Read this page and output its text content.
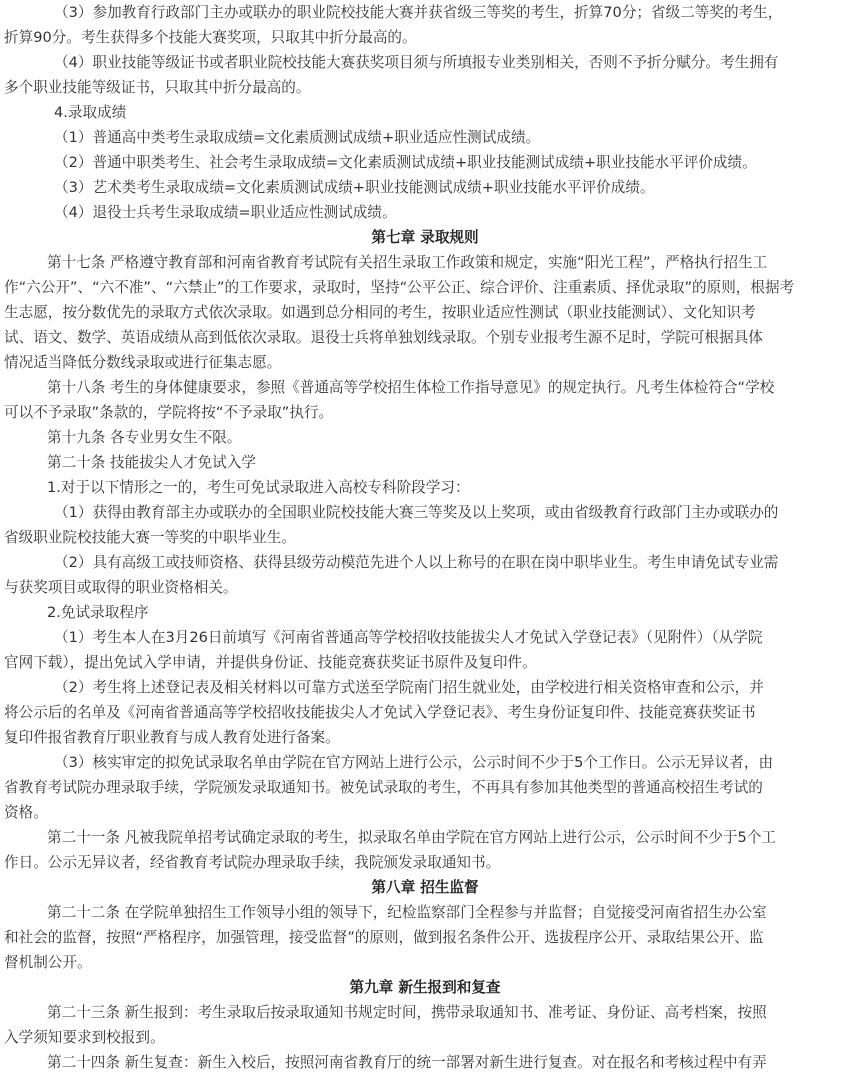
（3）参加教育行政部门主办或联办的职业院校技能大赛并获省级三等奖的考生，折算70分；省级二等奖的考生，
折算90分。考生获得多个技能大赛奖项，只取其中折分最高的。
（4）职业技能等级证书或者职业院校技能大赛获奖项目须与所填报专业类别相关，否则不予折分赋分。考生拥有
多个职业技能等级证书，只取其中折分最高的。
4.录取成绩
（1）普通高中类考生录取成绩=文化素质测试成绩+职业适应性测试成绩。
（2）普通中职类考生、社会考生录取成绩=文化素质测试成绩+职业技能测试成绩+职业技能水平评价成绩。
（3）艺术类考生录取成绩=文化素质测试成绩+职业技能测试成绩+职业技能水平评价成绩。
（4）退役士兵考生录取成绩=职业适应性测试成绩。
第七章 录取规则
第十七条 严格遵守教育部和河南省教育考试院有关招生录取工作政策和规定，实施“阳光工程”，严格执行招生工
作“六公开”、“六不准”、“六禁止”的工作要求，录取时，坚持“公平公正、综合评价、注重素质、择优录取”的原则，根据考
生志愿，按分数优先的录取方式依次录取。如遇到总分相同的考生，按职业适应性测试（职业技能测试）、文化知识考
试、语文、数学、英语成绩从高到低依次录取。退役士兵将单独划线录取。个别专业报考生源不足时，学院可根据具体
情况适当降低分数线录取或进行征集志愿。
第十八条 考生的身体健康要求，参照《普通高等学校招生体检工作指导意见》的规定执行。凡考生体检符合“学校
可以不予录取”条款的，学院将按“不予录取”执行。
第十九条 各专业男女生不限。
第二十条 技能拔尖人才免试入学
1.对于以下情形之一的，考生可免试录取进入高校专科阶段学习：
（1）获得由教育部主办或联办的全国职业院校技能大赛三等奖及以上奖项，或由省级教育行政部门主办或联办的
省级职业院校技能大赛一等奖的中职毕业生。
（2）具有高级工或技师资格、获得县级劳动模范先进个人以上称号的在职在岗中职毕业生。考生申请免试专业需
与获奖项目或取得的职业资格相关。
2.免试录取程序
（1）考生本人在3月26日前填写《河南省普通高等学校招收技能拔尖人才免试入学登记表》（见附件）（从学院
官网下载），提出免试入学申请，并提供身份证、技能竞赛获奖证书原件及复印件。
（2）考生将上述登记表及相关材料以可靠方式送至学院南门招生就业处，由学校进行相关资格审查和公示，并
将公示后的名单及《河南省普通高等学校招收技能拔尖人才免试入学登记表》、考生身份证复印件、技能竞赛获奖证书
复印件报省教育厅职业教育与成人教育处进行备案。
（3）核实审定的拟免试录取名单由学院在官方网站上进行公示，公示时间不少于5个工作日。公示无异议者，由
省教育考试院办理录取手续，学院颁发录取通知书。被免试录取的考生，不再具有参加其他类型的普通高校招生考试的
资格。
第二十一条 凡被我院单招考试确定录取的考生，拟录取名单由学院在官方网站上进行公示，公示时间不少于5个工
作日。公示无异议者，经省教育考试院办理录取手续，我院颁发录取通知书。
第八章 招生监督
第二十二条 在学院单独招生工作领导小组的领导下，纪检监察部门全程参与并监督；自觉接受河南省招生办公室
和社会的监督，按照“严格程序，加强管理，接受监督”的原则，做到报名条件公开、选拔程序公开、录取结果公开、监
督机制公开。
第九章 新生报到和复查
第二十三条 新生报到：考生录取后按录取通知书规定时间，携带录取通知书、准考证、身份证、高考档案，按照
入学须知要求到校报到。
第二十四条 新生复查：新生入校后，按照河南省教育厅的统一部署对新生进行复查。对在报名和考核过程中有弄
